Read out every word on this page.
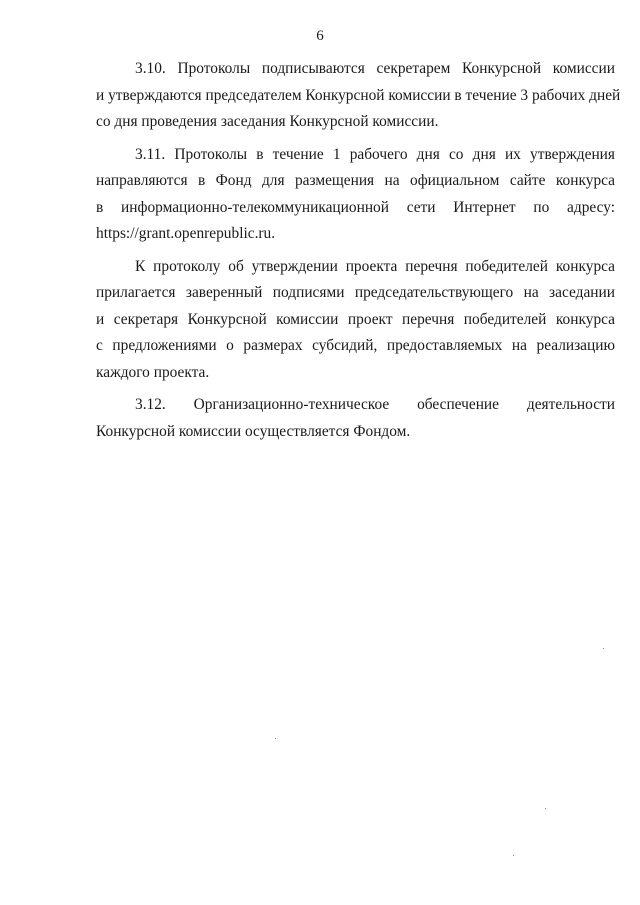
6
3.10. Протоколы подписываются секретарем Конкурсной комиссии
и утверждаются председателем Конкурсной комиссии в течение 3 рабочих дней
со дня проведения заседания Конкурсной комиссии.
3.11. Протоколы в течение 1 рабочего дня со дня их утверждения
направляются в Фонд для размещения на официальном сайте конкурса
в информационно-телекоммуникационной сети Интернет по адресу:
https://grant.openrepublic.ru.
К протоколу об утверждении проекта перечня победителей конкурса
прилагается заверенный подписями председательствующего на заседании
и секретаря Конкурсной комиссии проект перечня победителей конкурса
с предложениями о размерах субсидий, предоставляемых на реализацию
каждого проекта.
3.12. Организационно-техническое обеспечение деятельности
Конкурсной комиссии осуществляется Фондом.
